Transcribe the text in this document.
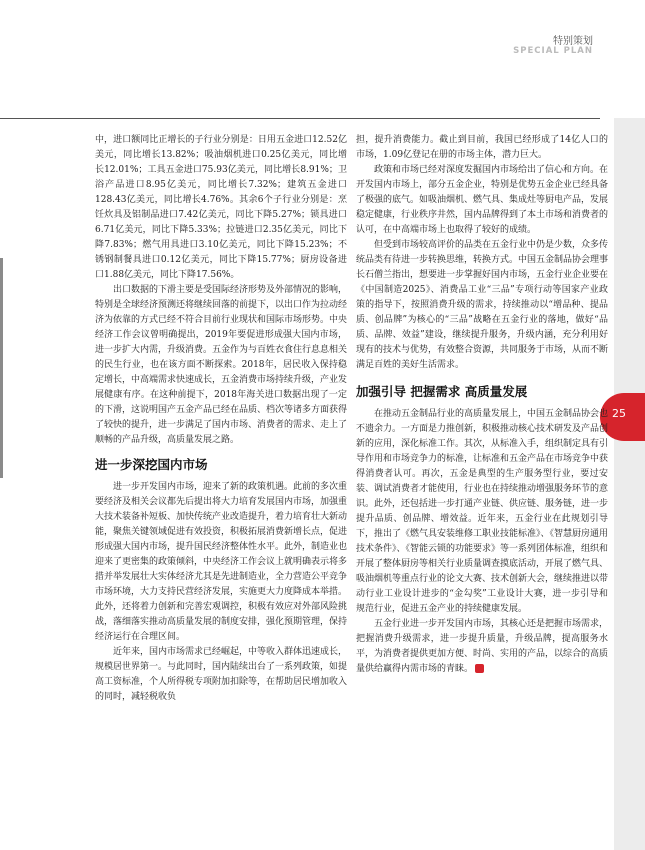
特别策划
SPECIAL PLAN
25

中，进口额同比正增长的子行业分别是：日用五金进口12.52亿美元，同比增长13.82%；吸油烟机进口0.25亿美元，同比增长12.01%；工具五金进口75.93亿美元，同比增长8.91%；卫浴产品进口8.95亿美元，同比增长7.32%；建筑五金进口128.43亿美元，同比增长4.76%。其余6个子行业分别是：烹饪炊具及铝制品进口7.42亿美元，同比下降5.27%；锁具进口6.71亿美元，同比下降5.33%；拉链进口2.35亿美元，同比下降7.83%；燃气用具进口3.10亿美元，同比下降15.23%；不锈钢制餐具进口0.12亿美元，同比下降15.77%；厨房设备进口1.88亿美元，同比下降17.56%。

出口数据的下滑主要是受国际经济形势及外部情况的影响，特别是全球经济预测还将继续回落的前提下，以出口作为拉动经济为依靠的方式已经不符合目前行业现状和国际市场形势。中央经济工作会议曾明确提出，2019年要促进形成强大国内市场，进一步扩大内需，升级消费。五金作为与百姓衣食住行息息相关的民生行业，也在该方面不断探索。2018年，居民收入保持稳定增长，中高端需求快速成长，五金消费市场持续升级，产业发展健康有序。在这种前提下，2018年海关进口数据出现了一定的下滑，这说明国产五金产品已经在品质、档次等诸多方面获得了较快的提升，进一步满足了国内市场、消费者的需求、走上了顺畅的产品升级，高质量发展之路。

进一步深挖国内市场

进一步开发国内市场，迎来了新的政策机遇。此前的多次重要经济及相关会议都先后提出将大力培育发展国内市场，加强重大技术装备补短板、加快传统产业改造提升，着力培育壮大新动能，聚焦关键领域促进有效投资，积极拓展消费新增长点，促进形成强大国内市场，提升国民经济整体性水平。此外，制造业也迎来了更密集的政策倾斜，中央经济工作会议上就明确表示将多措并举发展壮大实体经济尤其是先进制造业，全力营造公平竞争市场环境，大力支持民营经济发展，实施更大力度降成本举措。此外，还将着力创新和完善宏观调控，积极有效应对外部风险挑战，落细落实推动高质量发展的制度安排，强化预期管理，保持经济运行在合理区间。

近年来，国内市场需求已经崛起，中等收入群体迅速成长，规模居世界第一。与此同时，国内陆续出台了一系列政策，如提高工资标准，个人所得税专项附加扣除等，在帮助居民增加收入的同时，减轻税收负

担，提升消费能力。截止到目前，我国已经形成了14亿人口的市场，1.09亿登记在册的市场主体，潜力巨大。

政策和市场已经对深度发掘国内市场给出了信心和方向。在开发国内市场上，部分五金企业，特别是优势五金企业已经具备了极强的底气。如吸油烟机、燃气具、集成灶等厨电产品，发展稳定健康，行业秩序井然，国内品牌得到了本土市场和消费者的认可，在中高端市场上也取得了较好的成绩。

但受到市场较高评价的品类在五金行业中仍是少数，众多传统品类有待进一步转换思维，转换方式。中国五金制品协会理事长石僧兰指出，想要进一步掌握好国内市场，五金行业企业要在《中国制造2025》、消费品工业“三品”专项行动等国家产业政策的指导下，按照消费升级的需求，持续推动以“增品种、提品质、创品牌”为核心的“三品”战略在五金行业的落地，做好“品质、品牌、效益”建设，继续提升服务，升级内涵，充分利用好现有的技术与优势，有效整合资源，共同服务于市场，从而不断满足百姓的美好生活需求。

加强引导 把握需求 高质量发展

在推动五金制品行业的高质量发展上，中国五金制品协会也不遗余力。一方面是力推创新，积极推动核心技术研发及产品创新的应用，深化标准工作。其次，从标准入手，组织制定具有引导作用和市场竞争力的标准，让标准和五金产品在市场竞争中获得消费者认可。再次，五金是典型的生产服务型行业，要过安装、调试消费者才能使用，行业也在持续推动增强服务环节的意识。此外，还包括进一步打通产业链、供应链、服务链，进一步提升品质、创品牌、增效益。近年来，五金行业在此规划引导下，推出了《燃气具安装维修工职业技能标准》、《智慧厨房通用技术条件》、《智能云锁的功能要求》等一系列团体标准，组织和开展了整体厨房等相关行业质量调查摸底活动，开展了燃气具、吸油烟机等重点行业的论文大赛、技术创新大会，继续推进以带动行业工业设计进步的“金勾奖”工业设计大赛，进一步引导和规范行业，促进五金产业的持续健康发展。

五金行业进一步开发国内市场，其核心还是把握市场需求，把握消费升级需求，进一步提升质量，升级品牌，提高服务水平，为消费者提供更加方便、时尚、实用的产品，以综合的高质量供给赢得内需市场的青睐。
